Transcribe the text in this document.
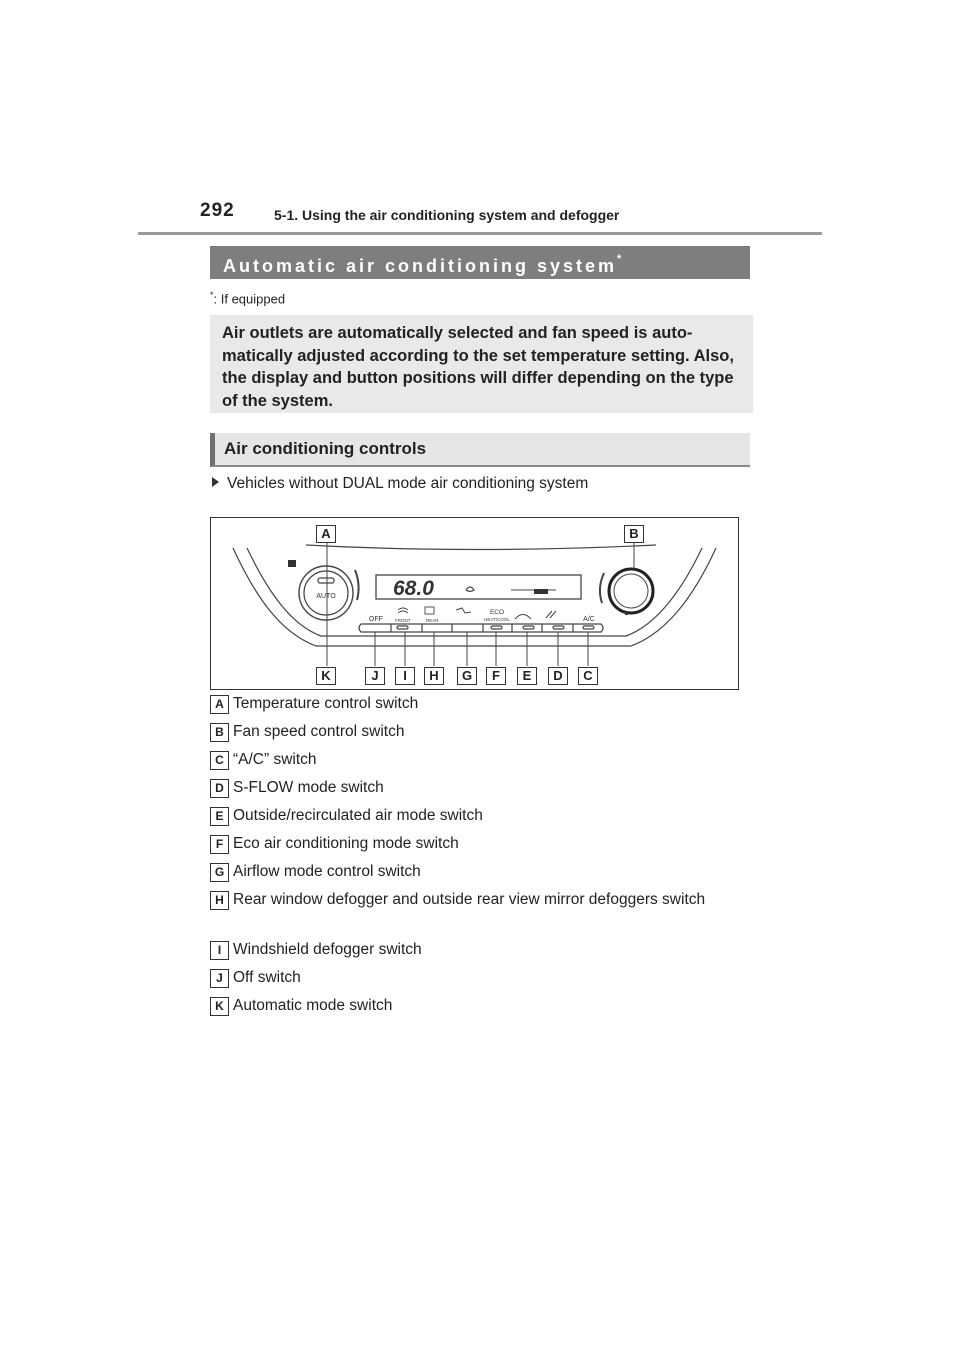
292	5-1. Using the air conditioning system and defogger
Automatic air conditioning system*
*: If equipped
Air outlets are automatically selected and fan speed is auto-matically adjusted according to the set temperature setting. Also, the display and button positions will differ depending on the type of the system.
Air conditioning controls
Vehicles without DUAL mode air conditioning system
AUTO	68.0
OFF	FRONT	REAR
ECO
HEAT/COOL	A/C
A	B
K	J	I	H	G	F	E	D	C
A Temperature control switch
B Fan speed control switch
C “A/C” switch
D S-FLOW mode switch
E Outside/recirculated air mode switch
F Eco air conditioning mode switch
G Airflow mode control switch
H Rear window defogger and outside rear view mirror defoggers switch
I Windshield defogger switch
J Off switch
K Automatic mode switch
